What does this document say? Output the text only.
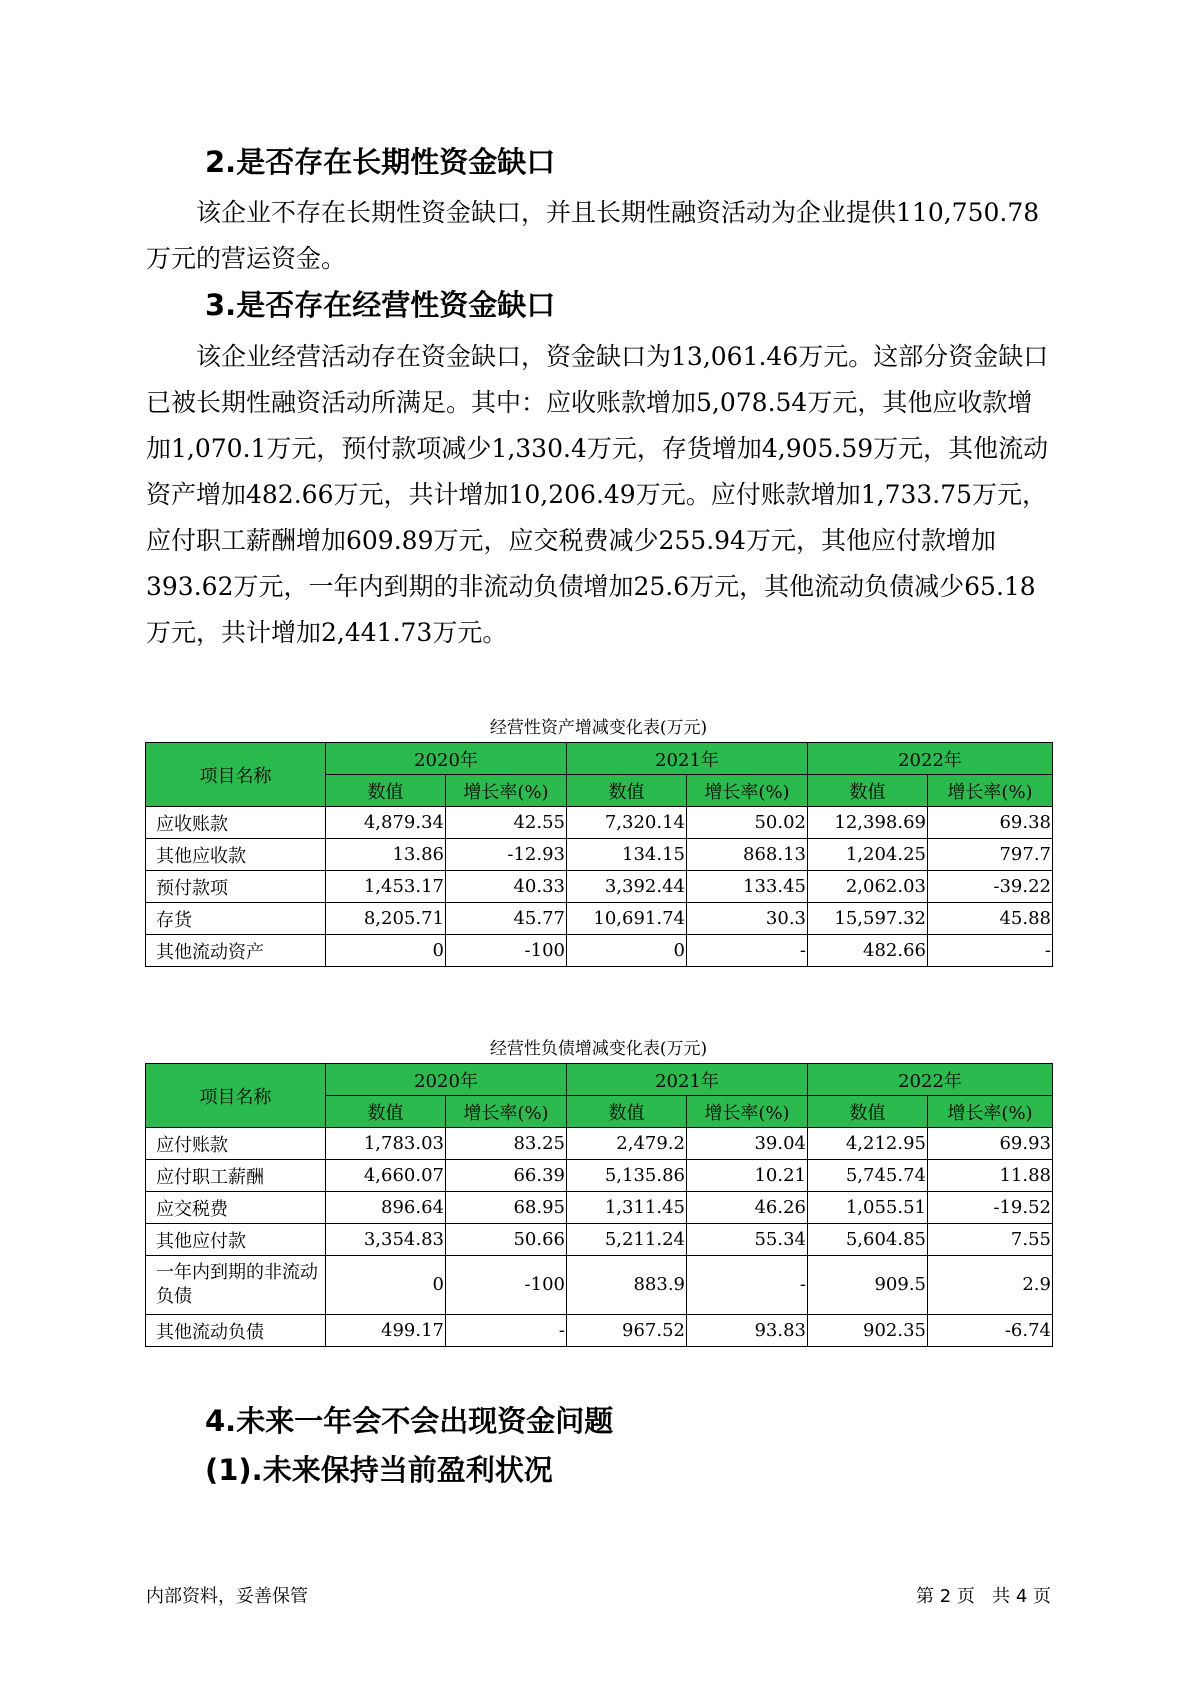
2.是否存在长期性资金缺口

该企业不存在长期性资金缺口，并且长期性融资活动为企业提供110,750.78万元的营运资金。

3.是否存在经营性资金缺口

该企业经营活动存在资金缺口，资金缺口为13,061.46万元。这部分资金缺口已被长期性融资活动所满足。其中：应收账款增加5,078.54万元，其他应收款增加1,070.1万元，预付款项减少1,330.4万元，存货增加4,905.59万元，其他流动资产增加482.66万元，共计增加10,206.49万元。应付账款增加1,733.75万元，应付职工薪酬增加609.89万元，应交税费减少255.94万元，其他应付款增加393.62万元，一年内到期的非流动负债增加25.6万元，其他流动负债减少65.18万元，共计增加2,441.73万元。

经营性资产增减变化表(万元)
项目名称	2020年		2021年		2022年	
	数值	增长率(%)	数值	增长率(%)	数值	增长率(%)
应收账款	4,879.34	42.55	7,320.14	50.02	12,398.69	69.38
其他应收款	13.86	-12.93	134.15	868.13	1,204.25	797.7
预付款项	1,453.17	40.33	3,392.44	133.45	2,062.03	-39.22
存货	8,205.71	45.77	10,691.74	30.3	15,597.32	45.88
其他流动资产	0	-100	0	-	482.66	-
经营性负债增减变化表(万元)
项目名称	2020年		2021年		2022年	
	数值	增长率(%)	数值	增长率(%)	数值	增长率(%)
应付账款	1,783.03	83.25	2,479.2	39.04	4,212.95	69.93
应付职工薪酬	4,660.07	66.39	5,135.86	10.21	5,745.74	11.88
应交税费	896.64	68.95	1,311.45	46.26	1,055.51	-19.52
其他应付款	3,354.83	50.66	5,211.24	55.34	5,604.85	7.55
一年内到期的非流动负债	0	-100	883.9	-	909.5	2.9
其他流动负债	499.17	-	967.52	93.83	902.35	-6.74
4.未来一年会不会出现资金问题
(1).未来保持当前盈利状况
内部资料，妥善保管	第 2 页   共 4 页
